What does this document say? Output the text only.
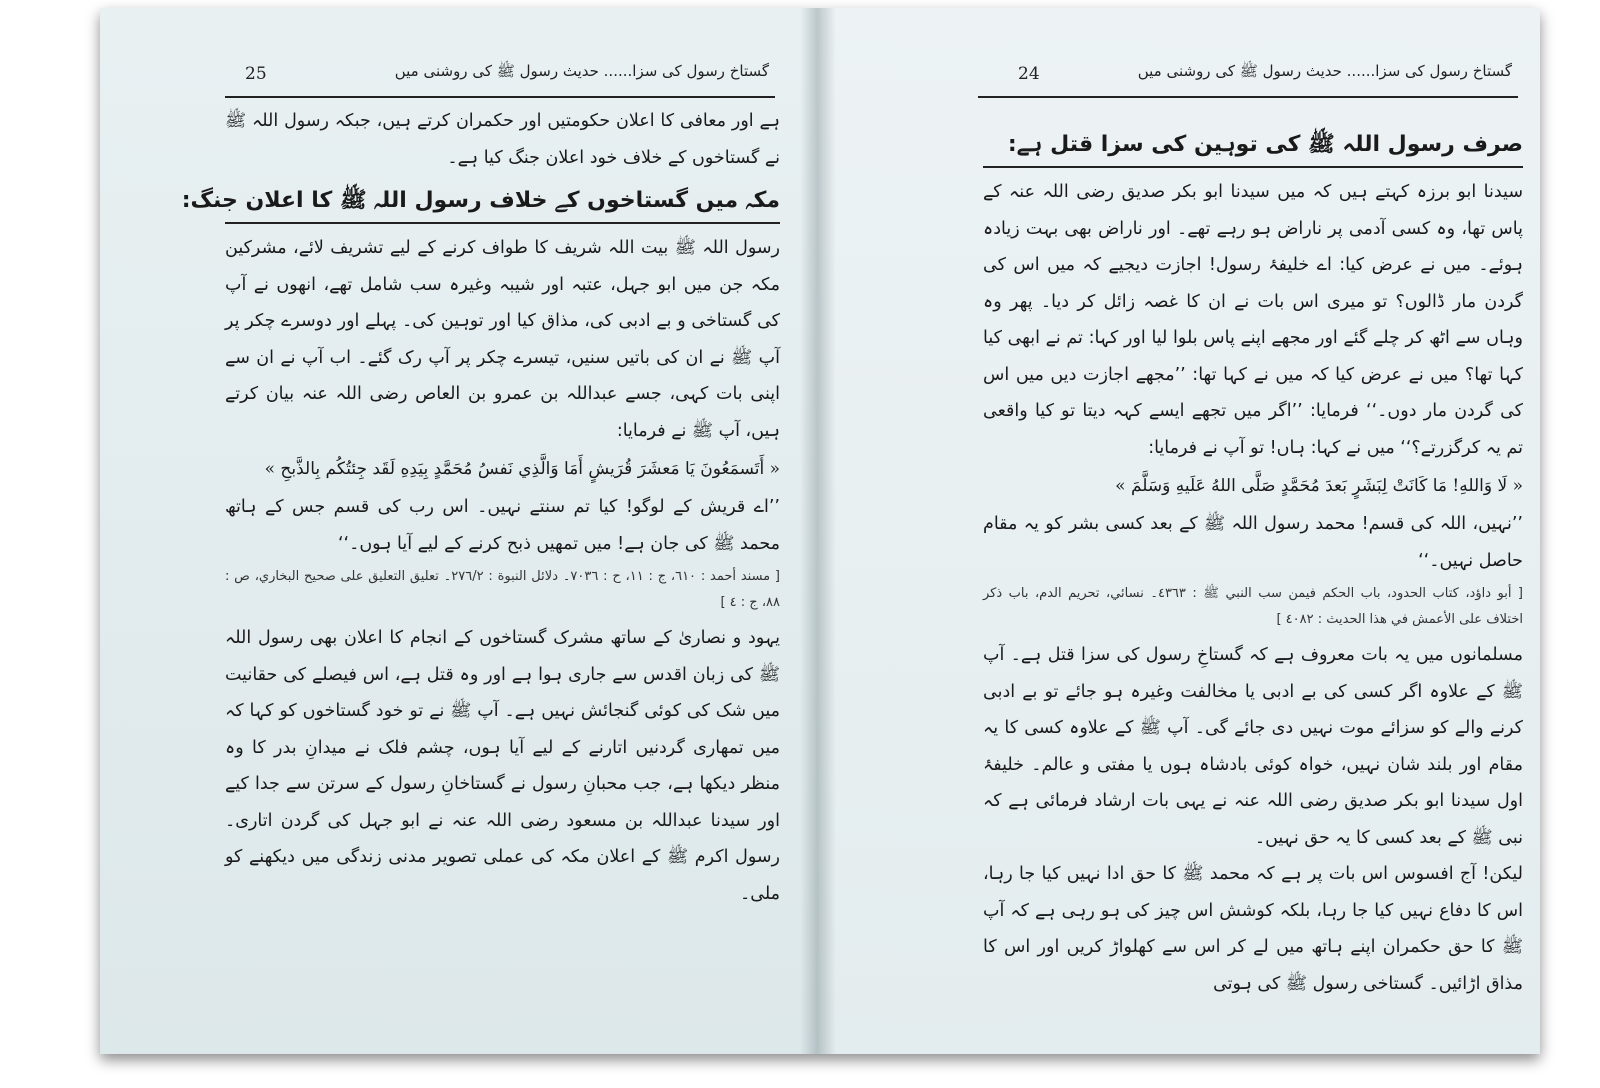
25	گستاخ رسول کی سزا...... حدیث رسول ﷺ کی روشنی میں

ہے اور معافی کا اعلان حکومتیں اور حکمران کرتے ہیں، جبکہ رسول اللہ ﷺ نے گستاخوں کے خلاف خود اعلان جنگ کیا ہے۔

مکہ میں گستاخوں کے خلاف رسول اللہ ﷺ کا اعلان جنگ:

رسول اللہ ﷺ بیت اللہ شریف کا طواف کرنے کے لیے تشریف لائے، مشرکین مکہ جن میں ابو جہل، عتبہ اور شیبہ وغیرہ سب شامل تھے، انھوں نے آپ کی گستاخی و بے ادبی کی، مذاق کیا اور توہین کی۔ پہلے اور دوسرے چکر پر آپ ﷺ نے ان کی باتیں سنیں، تیسرے چکر پر آپ رک گئے۔ اب آپ نے ان سے اپنی بات کہی، جسے عبداللہ بن عمرو بن العاص رضی اللہ عنہ بیان کرتے ہیں، آپ ﷺ نے فرمایا:

« أَتَسمَعُونَ يَا مَعشَرَ قُرَيشٍ أَمَا وَالَّذِي نَفسُ مُحَمَّدٍ بِيَدِهِ لَقَد جِئتُكُم بِالذَّبحِ »

’’اے قریش کے لوگو! کیا تم سنتے نہیں۔ اس رب کی قسم جس کے ہاتھ محمد ﷺ کی جان ہے! میں تمھیں ذبح کرنے کے لیے آیا ہوں۔‘‘

[ مسند أحمد : ٦١٠، ج : ١١، ح : ٧٠٣٦۔ دلائل النبوة : ٢٧٦/٢۔ تعليق التعليق على صحيح البخاري، ص : ٨٨، ج : ٤ ]

یہود و نصاریٰ کے ساتھ مشرک گستاخوں کے انجام کا اعلان بھی رسول اللہ ﷺ کی زبان اقدس سے جاری ہوا ہے اور وہ قتل ہے، اس فیصلے کی حقانیت میں شک کی کوئی گنجائش نہیں ہے۔ آپ ﷺ نے تو خود گستاخوں کو کہا کہ میں تمھاری گردنیں اتارنے کے لیے آیا ہوں، چشم فلک نے میدانِ بدر کا وہ منظر دیکھا ہے، جب محبانِ رسول نے گستاخانِ رسول کے سرتن سے جدا کیے اور سیدنا عبداللہ بن مسعود رضی اللہ عنہ نے ابو جہل کی گردن اتاری۔ رسول اکرم ﷺ کے اعلان مکہ کی عملی تصویر مدنی زندگی میں دیکھنے کو ملی۔

24	گستاخ رسول کی سزا...... حدیث رسول ﷺ کی روشنی میں
صرف رسول اللہ ﷺ کی توہین کی سزا قتل ہے:

سیدنا ابو برزہ کہتے ہیں کہ میں سیدنا ابو بکر صدیق رضی اللہ عنہ کے پاس تھا، وہ کسی آدمی پر ناراض ہو رہے تھے۔ اور ناراض بھی بہت زیادہ ہوئے۔ میں نے عرض کیا: اے خلیفۂ رسول! اجازت دیجیے کہ میں اس کی گردن مار ڈالوں؟ تو میری اس بات نے ان کا غصہ زائل کر دیا۔ پھر وہ وہاں سے اٹھ کر چلے گئے اور مجھے اپنے پاس بلوا لیا اور کہا: تم نے ابھی کیا کہا تھا؟ میں نے عرض کیا کہ میں نے کہا تھا: ’’مجھے اجازت دیں میں اس کی گردن مار دوں۔‘‘ فرمایا: ’’اگر میں تجھے ایسے کہہ دیتا تو کیا واقعی تم یہ کرگزرتے؟‘‘ میں نے کہا: ہاں! تو آپ نے فرمایا:

« لَا وَاللهِ! مَا كَانَتْ لِبَشَرٍ بَعدَ مُحَمَّدٍ صَلَّى اللهُ عَلَيهِ وَسَلَّمَ »

’’نہیں، اللہ کی قسم! محمد رسول اللہ ﷺ کے بعد کسی بشر کو یہ مقام حاصل نہیں۔‘‘

[ أبو داؤد، كتاب الحدود، باب الحكم فيمن سب النبي ﷺ : ٤٣٦٣۔ نسائي، تحريم الدم، باب ذكر اختلاف على الأعمش في هذا الحديث : ٤٠٨٢ ]

مسلمانوں میں یہ بات معروف ہے کہ گستاخِ رسول کی سزا قتل ہے۔ آپ ﷺ کے علاوہ اگر کسی کی بے ادبی یا مخالفت وغیرہ ہو جائے تو بے ادبی کرنے والے کو سزائے موت نہیں دی جائے گی۔ آپ ﷺ کے علاوہ کسی کا یہ مقام اور بلند شان نہیں، خواہ کوئی بادشاہ ہوں یا مفتی و عالم۔ خلیفۂ اول سیدنا ابو بکر صدیق رضی اللہ عنہ نے یہی بات ارشاد فرمائی ہے کہ نبی ﷺ کے بعد کسی کا یہ حق نہیں۔

لیکن! آج افسوس اس بات پر ہے کہ محمد ﷺ کا حق ادا نہیں کیا جا رہا، اس کا دفاع نہیں کیا جا رہا، بلکہ کوشش اس چیز کی ہو رہی ہے کہ آپ ﷺ کا حق حکمران اپنے ہاتھ میں لے کر اس سے کھلواڑ کریں اور اس کا مذاق اڑائیں۔ گستاخی رسول ﷺ کی ہوتی
